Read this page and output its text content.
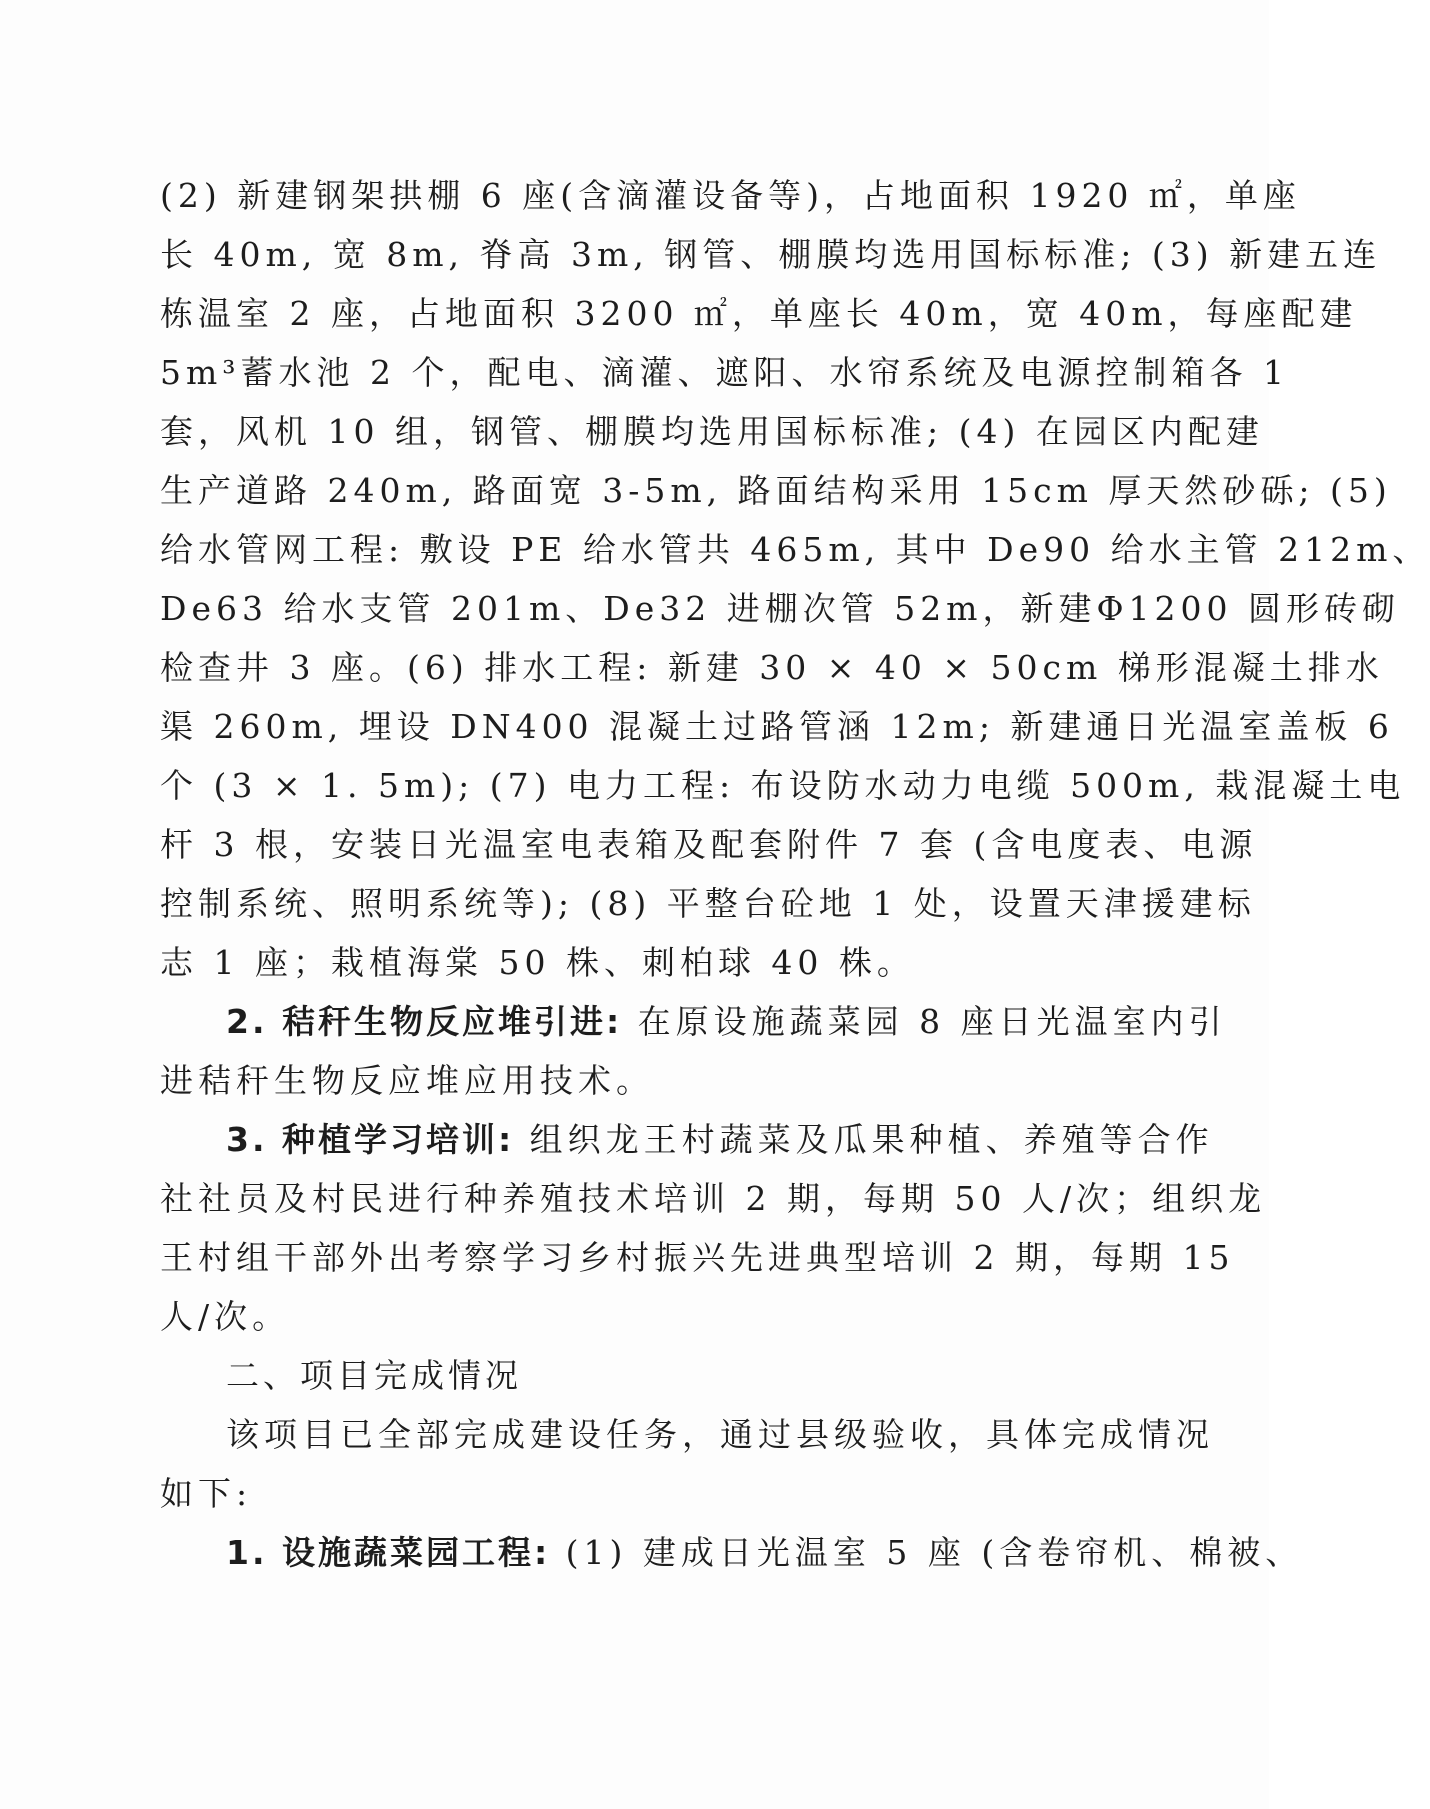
(2) 新建钢架拱棚 6 座(含滴灌设备等)，占地面积 1920 ㎡，单座

长 40m, 宽 8m, 脊高 3m, 钢管、棚膜均选用国标标准; (3) 新建五连

栋温室 2 座，占地面积 3200 ㎡，单座长 40m，宽 40m，每座配建

5m³蓄水池 2 个，配电、滴灌、遮阳、水帘系统及电源控制箱各 1

套，风机 10 组，钢管、棚膜均选用国标标准; (4) 在园区内配建

生产道路 240m, 路面宽 3-5m, 路面结构采用 15cm 厚天然砂砾; (5)

给水管网工程: 敷设 PE 给水管共 465m, 其中 De90 给水主管 212m、

De63 给水支管 201m、De32 进棚次管 52m，新建Φ1200 圆形砖砌

检查井 3 座。(6) 排水工程: 新建 30 × 40 × 50cm 梯形混凝土排水

渠 260m, 埋设 DN400 混凝土过路管涵 12m; 新建通日光温室盖板 6

个 (3 × 1. 5m); (7) 电力工程: 布设防水动力电缆 500m, 栽混凝土电

杆 3 根，安装日光温室电表箱及配套附件 7 套 (含电度表、电源

控制系统、照明系统等); (8) 平整台砼地 1 处，设置天津援建标

志 1 座；栽植海棠 50 株、刺柏球 40 株。

2. 秸秆生物反应堆引进: 在原设施蔬菜园 8 座日光温室内引

进秸秆生物反应堆应用技术。

3. 种植学习培训: 组织龙王村蔬菜及瓜果种植、养殖等合作

社社员及村民进行种养殖技术培训 2 期，每期 50 人/次；组织龙

王村组干部外出考察学习乡村振兴先进典型培训 2 期，每期 15

人/次。

二、项目完成情况

该项目已全部完成建设任务，通过县级验收，具体完成情况

如下:

1. 设施蔬菜园工程: (1) 建成日光温室 5 座 (含卷帘机、棉被、
